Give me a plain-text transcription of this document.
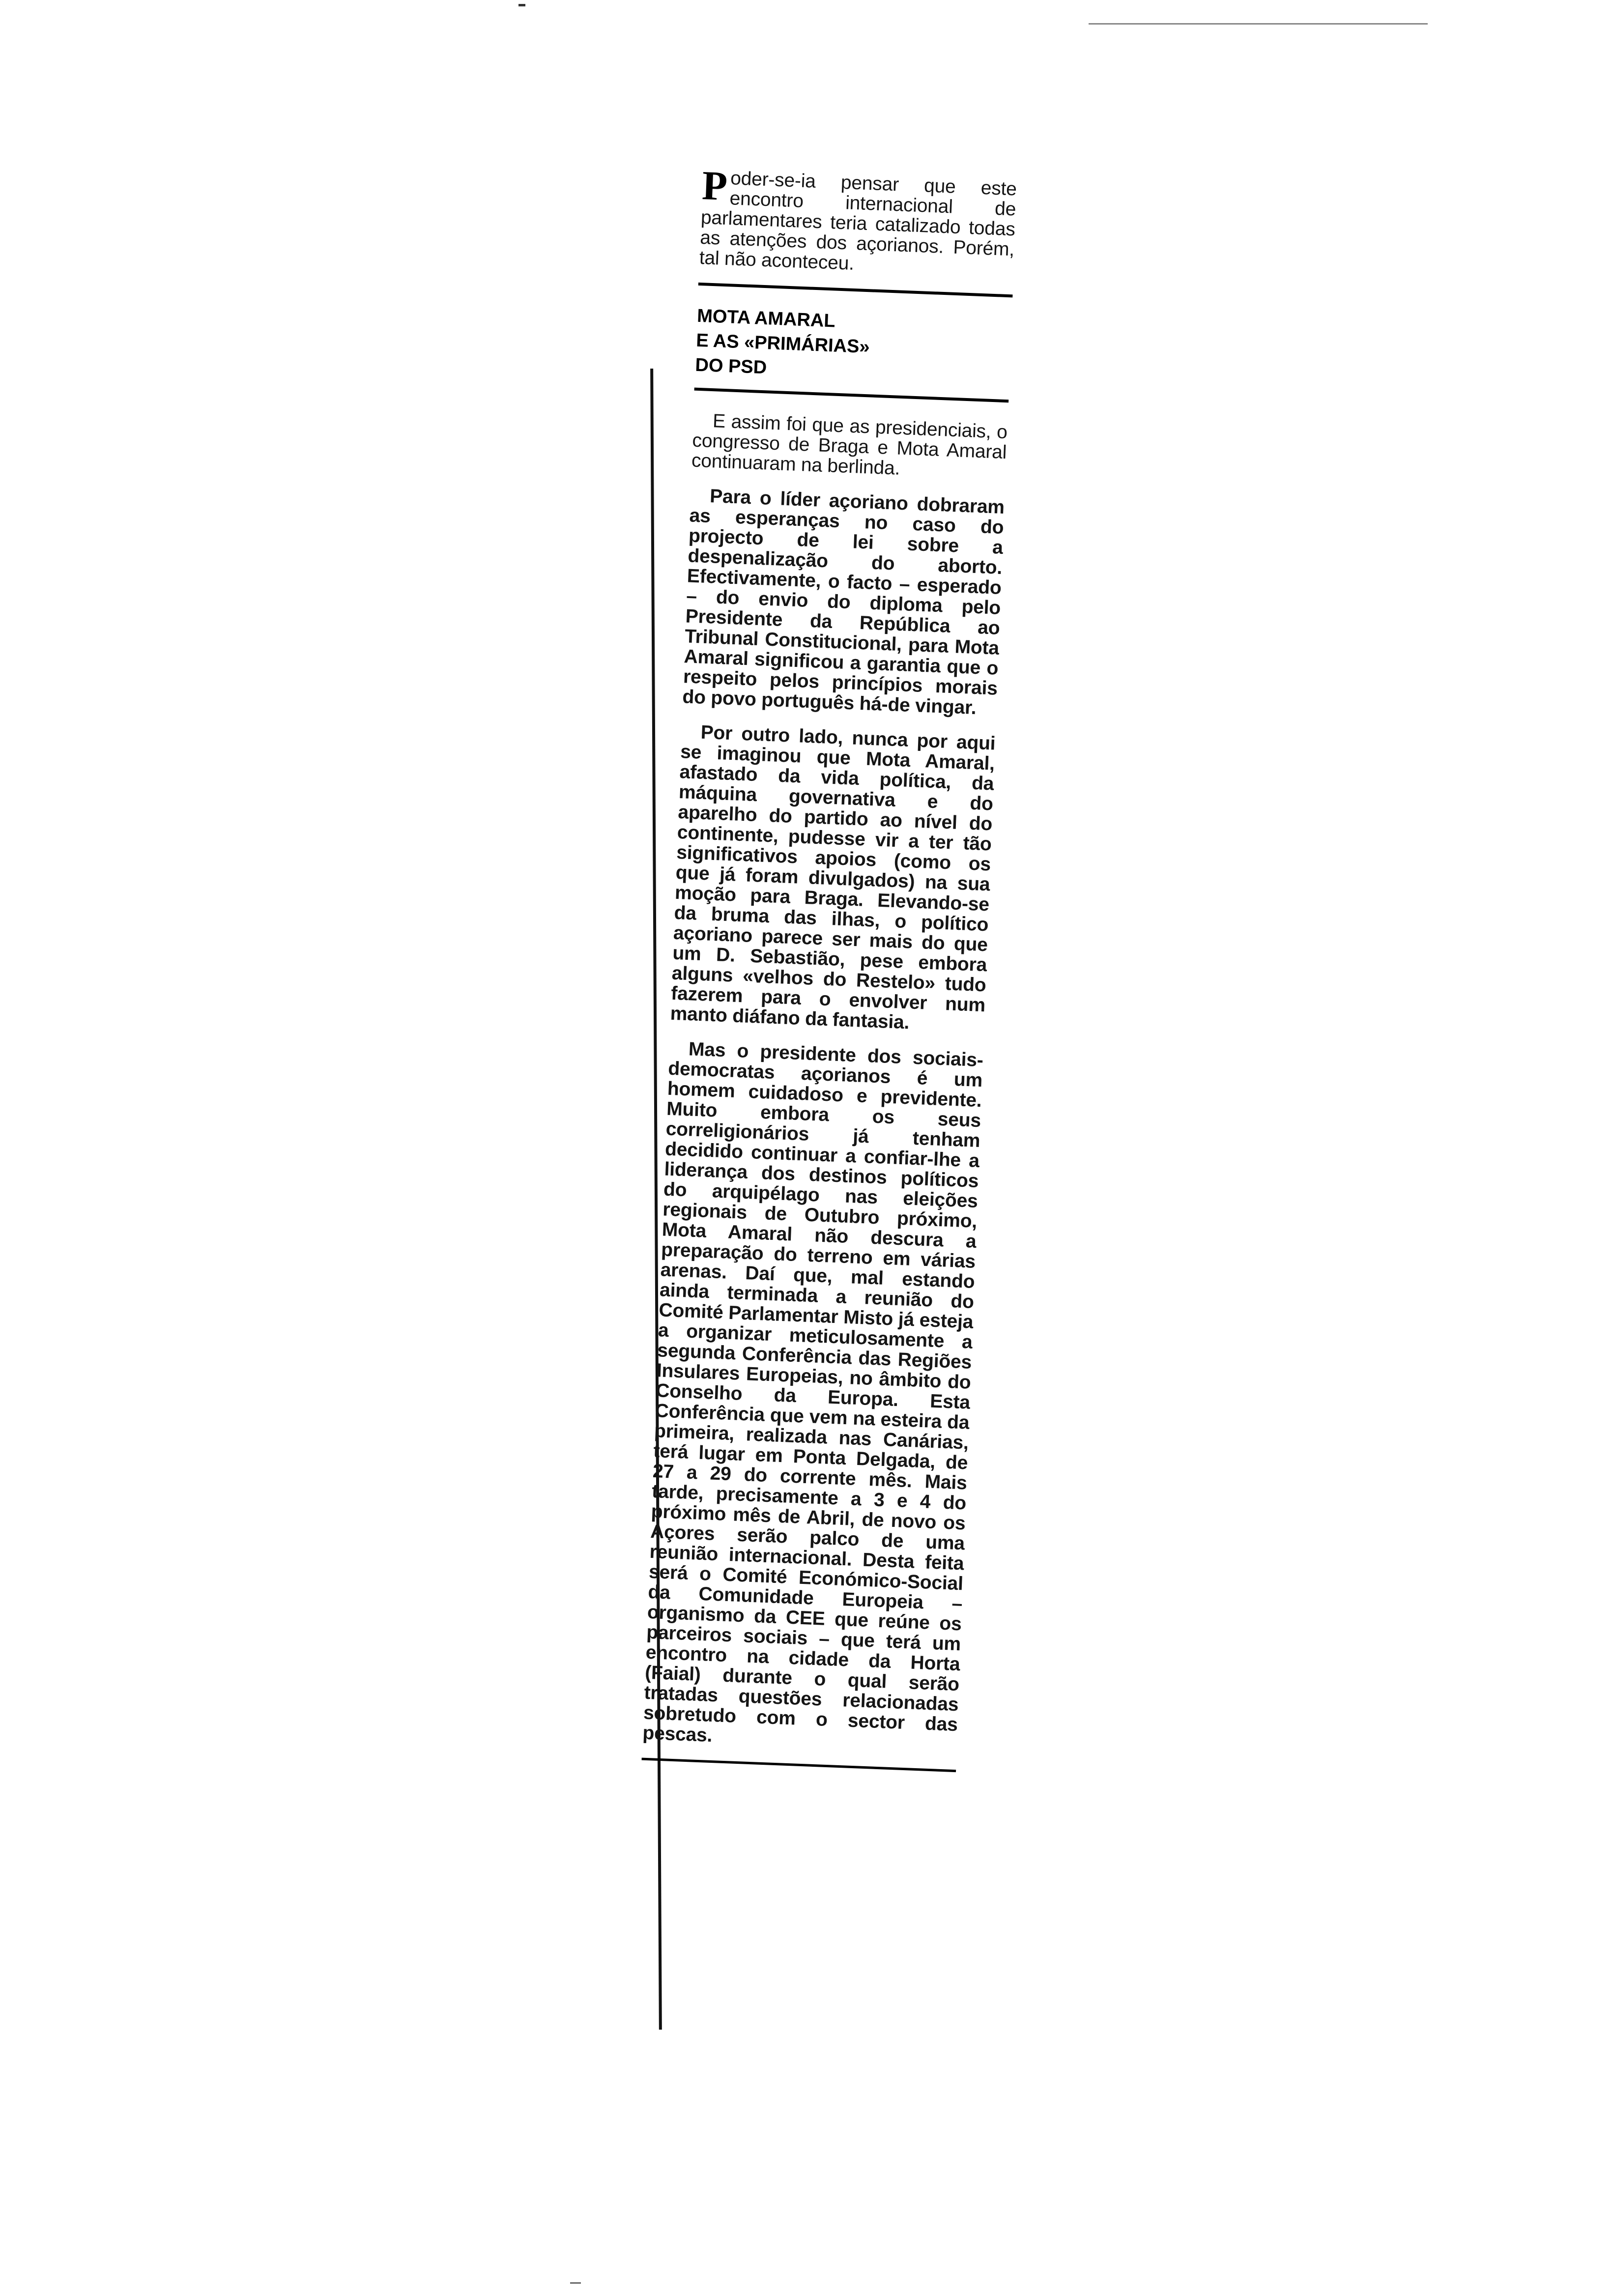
Poder-se-ia pensar que este encontro internacional de parlamentares teria catalizado todas as atenções dos açorianos. Porém, tal não aconteceu.

MOTA AMARAL
E AS «PRIMÁRIAS»
DO PSD

E assim foi que as presidenciais, o congresso de Braga e Mota Amaral continuaram na berlinda.

Para o líder açoriano dobraram as esperanças no caso do projecto de lei sobre a despenalização do aborto. Efectivamente, o facto – esperado – do envio do diploma pelo Presidente da República ao Tribunal Constitucional, para Mota Amaral significou a garantia que o respeito pelos princípios morais do povo português há-de vingar.

Por outro lado, nunca por aqui se imaginou que Mota Amaral, afastado da vida política, da máquina governativa e do aparelho do partido ao nível do continente, pudesse vir a ter tão significativos apoios (como os que já foram divulgados) na sua moção para Braga. Elevando-se da bruma das ilhas, o político açoriano parece ser mais do que um D. Sebastião, pese embora alguns «velhos do Restelo» tudo fazerem para o envolver num manto diáfano da fantasia.

Mas o presidente dos sociais-democratas açorianos é um homem cuidadoso e previdente. Muito embora os seus correligionários já tenham decidido continuar a confiar-lhe a liderança dos destinos políticos do arquipélago nas eleições regionais de Outubro próximo, Mota Amaral não descura a preparação do terreno em várias arenas. Daí que, mal estando ainda terminada a reunião do Comité Parlamentar Misto já esteja a organizar meticulosamente a segunda Conferência das Regiões Insulares Europeias, no âmbito do Conselho da Europa. Esta Conferência que vem na esteira da primeira, realizada nas Canárias, terá lugar em Ponta Delgada, de 27 a 29 do corrente mês. Mais tarde, precisamente a 3 e 4 do próximo mês de Abril, de novo os Açores serão palco de uma reunião internacional. Desta feita será o Comité Económico-Social da Comunidade Europeia – organismo da CEE que reúne os parceiros sociais – que terá um encontro na cidade da Horta (Faial) durante o qual serão tratadas questões relacionadas sobretudo com o sector das pescas.
